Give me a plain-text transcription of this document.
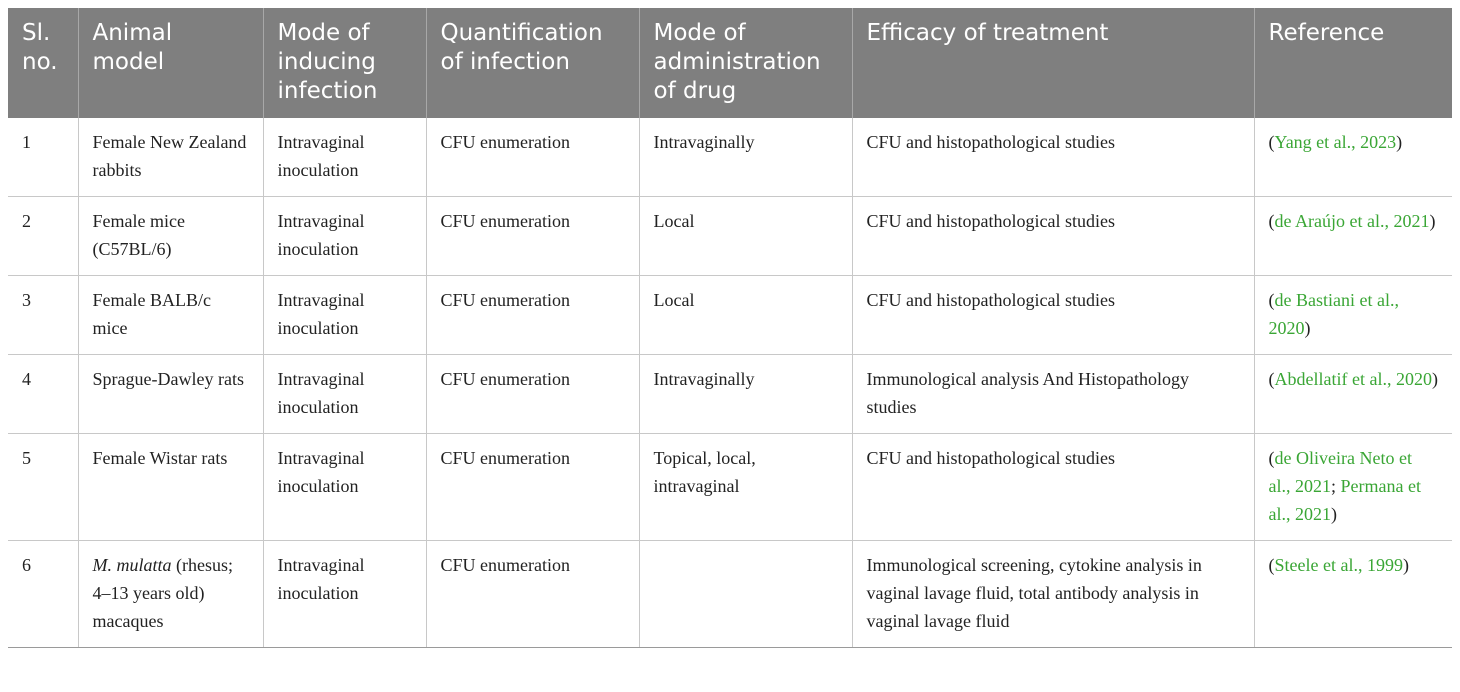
Sl. no.	Animal model	Mode of inducing infection	Quantification of infection	Mode of administration of drug	Efficacy of treatment	Reference
1	Female New Zealand rabbits	Intravaginal inoculation	CFU enumeration	Intravaginally	CFU and histopathological studies	(Yang et al., 2023)
2	Female mice (C57BL/6)	Intravaginal inoculation	CFU enumeration	Local	CFU and histopathological studies	(de Araújo et al., 2021)
3	Female BALB/c mice	Intravaginal inoculation	CFU enumeration	Local	CFU and histopathological studies	(de Bastiani et al., 2020)
4	Sprague-Dawley rats	Intravaginal inoculation	CFU enumeration	Intravaginally	Immunological analysis And Histopathology studies	(Abdellatif et al., 2020)
5	Female Wistar rats	Intravaginal inoculation	CFU enumeration	Topical, local, intravaginal	CFU and histopathological studies	(de Oliveira Neto et al., 2021; Permana et al., 2021)
6	M. mulatta (rhesus; 4–13 years old) macaques	Intravaginal inoculation	CFU enumeration		Immunological screening, cytokine analysis in vaginal lavage fluid, total antibody analysis in vaginal lavage fluid	(Steele et al., 1999)
